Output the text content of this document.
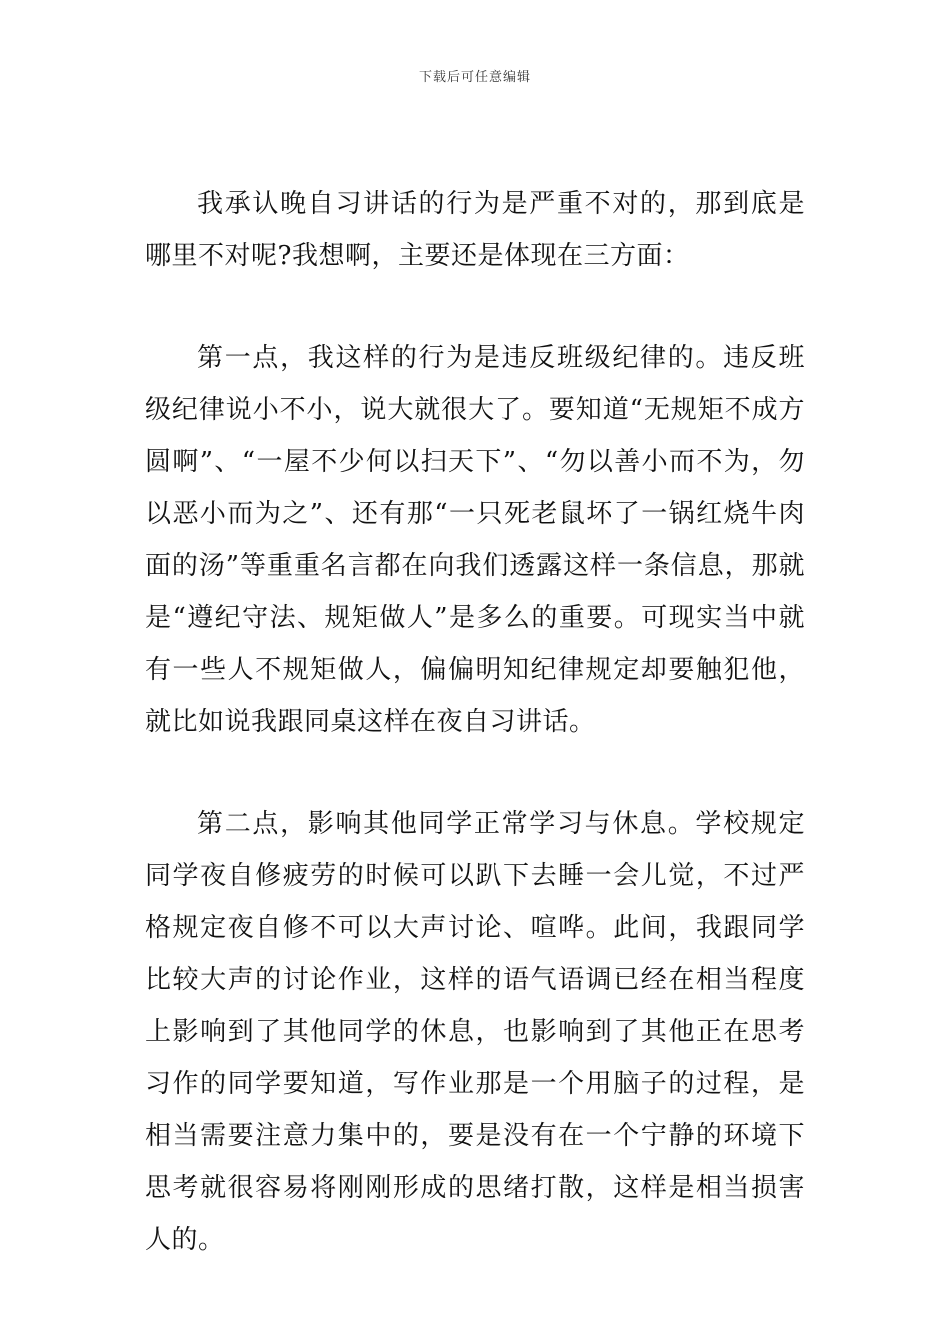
下载后可任意编辑

我承认晚自习讲话的行为是严重不对的，那到底是哪里不对呢?我想啊，主要还是体现在三方面：

第一点，我这样的行为是违反班级纪律的。违反班级纪律说小不小，说大就很大了。要知道“无规矩不成方圆啊”、“一屋不少何以扫天下”、“勿以善小而不为，勿以恶小而为之”、还有那“一只死老鼠坏了一锅红烧牛肉面的汤”等重重名言都在向我们透露这样一条信息，那就是“遵纪守法、规矩做人”是多么的重要。可现实当中就有一些人不规矩做人，偏偏明知纪律规定却要触犯他，就比如说我跟同桌这样在夜自习讲话。

第二点，影响其他同学正常学习与休息。学校规定同学夜自修疲劳的时候可以趴下去睡一会儿觉，不过严格规定夜自修不可以大声讨论、喧哗。此间，我跟同学比较大声的讨论作业，这样的语气语调已经在相当程度上影响到了其他同学的休息，也影响到了其他正在思考习作的同学要知道，写作业那是一个用脑子的过程，是相当需要注意力集中的，要是没有在一个宁静的环境下思考就很容易将刚刚形成的思绪打散，这样是相当损害人的。
